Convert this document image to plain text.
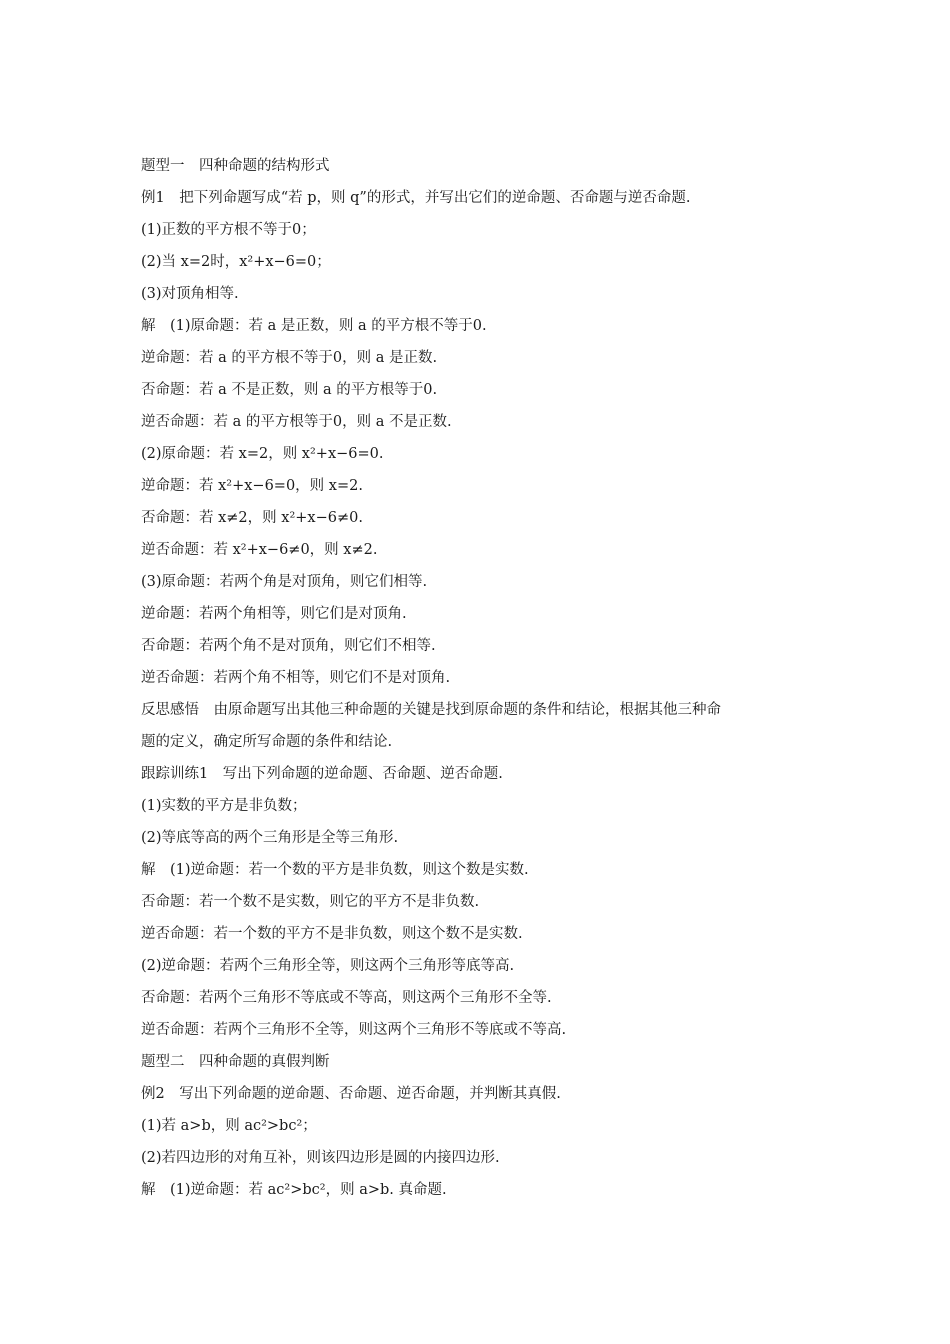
题型一　四种命题的结构形式
例1　把下列命题写成“若 p，则 q”的形式，并写出它们的逆命题、否命题与逆否命题.
(1)正数的平方根不等于0；
(2)当 x=2时，x²+x−6=0；
(3)对顶角相等.
解　(1)原命题：若 a 是正数，则 a 的平方根不等于0.
逆命题：若 a 的平方根不等于0，则 a 是正数.
否命题：若 a 不是正数，则 a 的平方根等于0.
逆否命题：若 a 的平方根等于0，则 a 不是正数.
(2)原命题：若 x=2，则 x²+x−6=0.
逆命题：若 x²+x−6=0，则 x=2.
否命题：若 x≠2，则 x²+x−6≠0.
逆否命题：若 x²+x−6≠0，则 x≠2.
(3)原命题：若两个角是对顶角，则它们相等.
逆命题：若两个角相等，则它们是对顶角.
否命题：若两个角不是对顶角，则它们不相等.
逆否命题：若两个角不相等，则它们不是对顶角.
反思感悟　由原命题写出其他三种命题的关键是找到原命题的条件和结论，根据其他三种命
题的定义，确定所写命题的条件和结论.
跟踪训练1　写出下列命题的逆命题、否命题、逆否命题.
(1)实数的平方是非负数；
(2)等底等高的两个三角形是全等三角形.
解　(1)逆命题：若一个数的平方是非负数，则这个数是实数.
否命题：若一个数不是实数，则它的平方不是非负数.
逆否命题：若一个数的平方不是非负数，则这个数不是实数.
(2)逆命题：若两个三角形全等，则这两个三角形等底等高.
否命题：若两个三角形不等底或不等高，则这两个三角形不全等.
逆否命题：若两个三角形不全等，则这两个三角形不等底或不等高.
题型二　四种命题的真假判断
例2　写出下列命题的逆命题、否命题、逆否命题，并判断其真假.
(1)若 a>b，则 ac²>bc²；
(2)若四边形的对角互补，则该四边形是圆的内接四边形.
解　(1)逆命题：若 ac²>bc²，则 a>b. 真命题.
